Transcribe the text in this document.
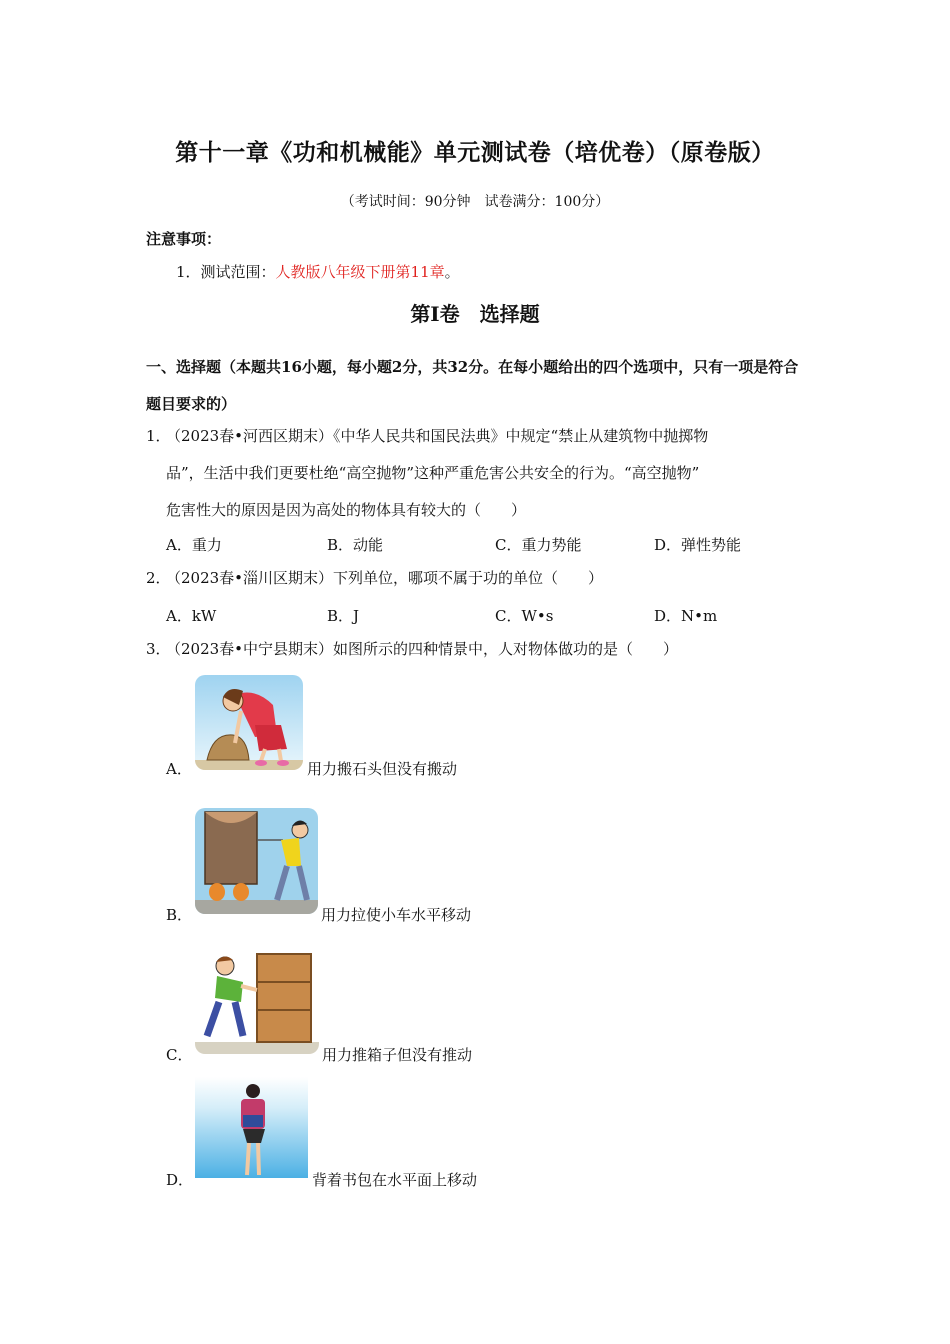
第十一章《功和机械能》单元测试卷（培优卷）（原卷版）
（考试时间：90分钟　试卷满分：100分）
注意事项：
1．测试范围：人教版八年级下册第11章。
第Ⅰ卷　选择题
一、选择题（本题共16小题，每小题2分，共32分。在每小题给出的四个选项中，只有一项是符合题目要求的）
1．
（2023春•河西区期末）《中华人民共和国民法典》中规定“禁止从建筑物中抛掷物
品”，生活中我们更要杜绝“高空抛物”这种严重危害公共安全的行为。“高空抛物”
危害性大的原因是因为高处的物体具有较大的（　　）
A．重力	B．动能	C．重力势能	D．弹性势能
2．
（2023春•淄川区期末）下列单位，哪项不属于功的单位（　　）
A．kW	B．J	C．W•s	D．N•m
3．
（2023春•中宁县期末）如图所示的四种情景中，人对物体做功的是（　　）
A．	用力搬石头但没有搬动
B．	用力拉使小车水平移动
C．	用力推箱子但没有推动
D．	背着书包在水平面上移动
